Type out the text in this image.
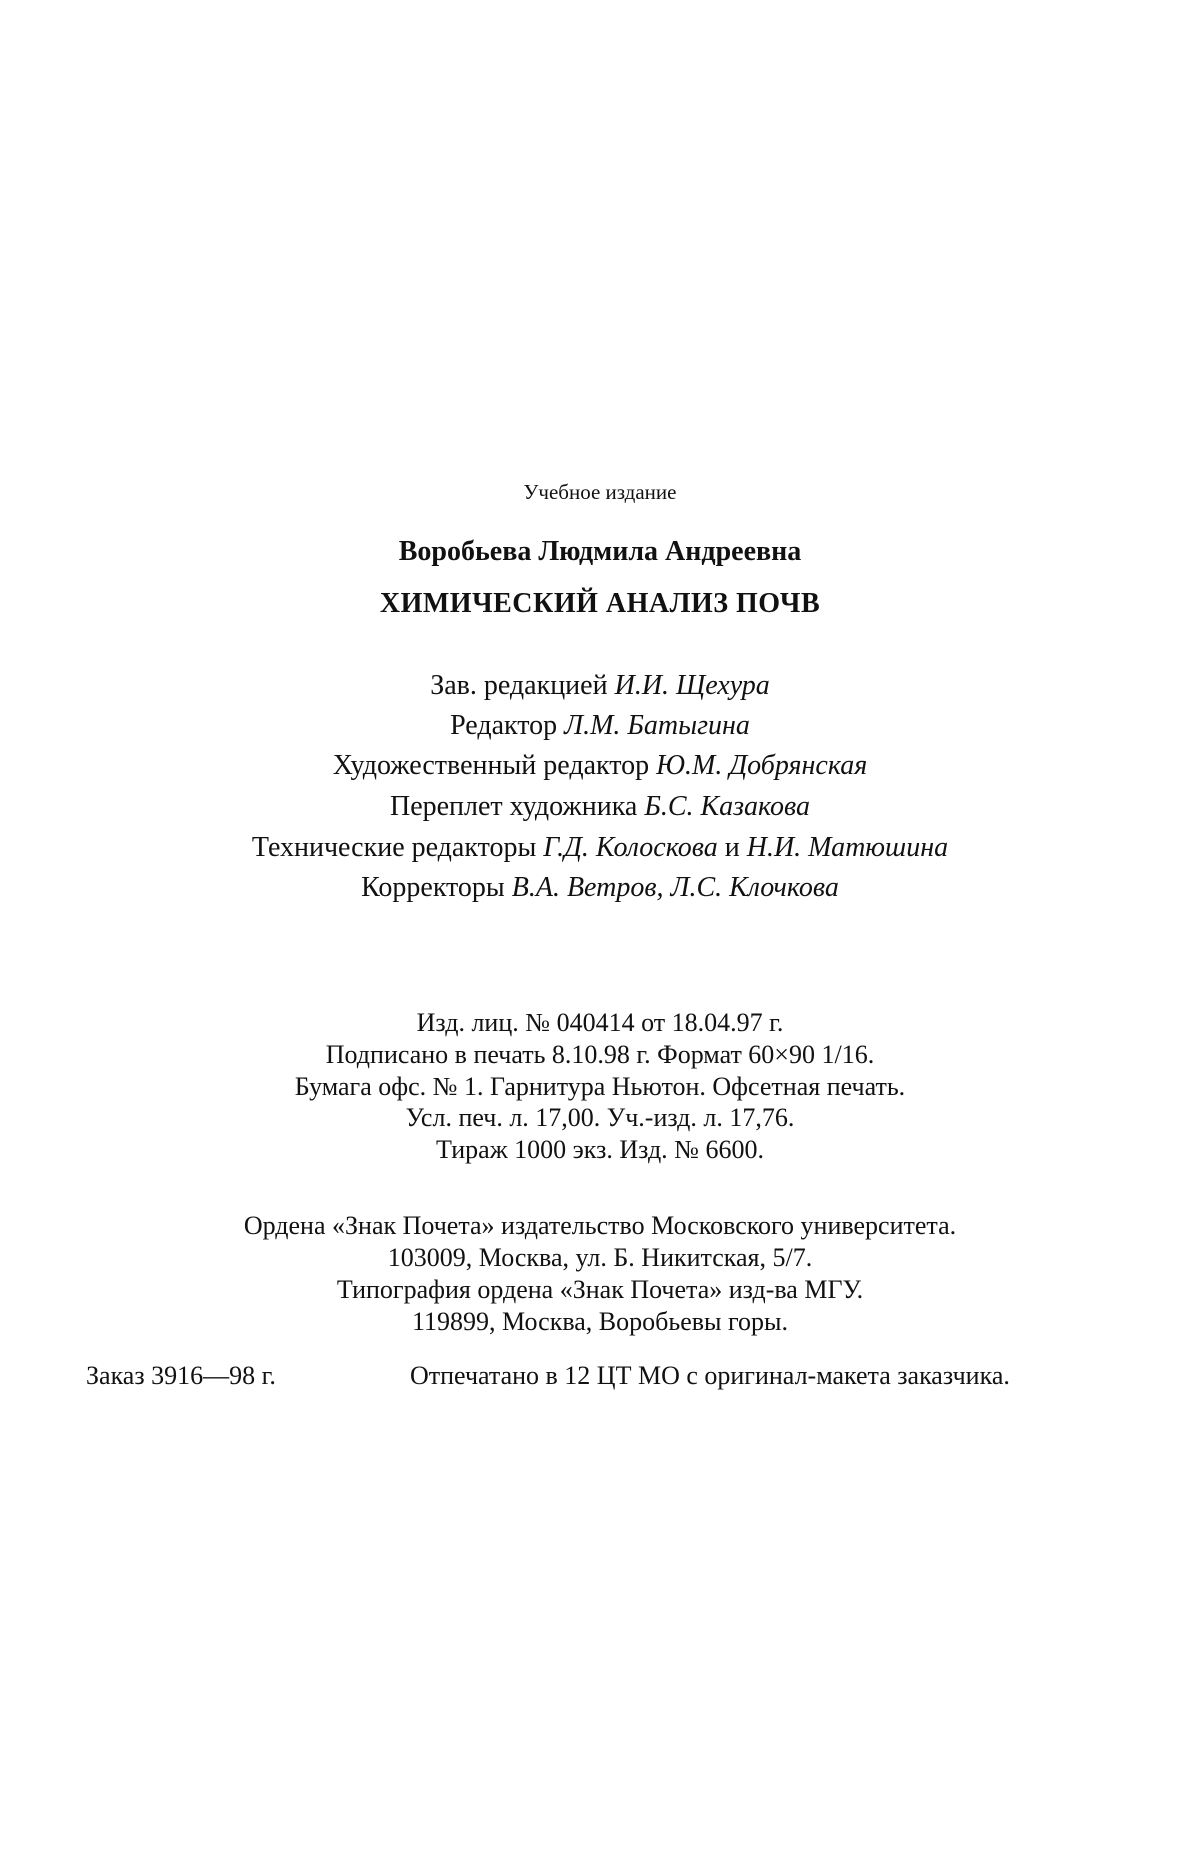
Учебное издание
Воробьева Людмила Андреевна
ХИМИЧЕСКИЙ АНАЛИЗ ПОЧВ
Зав. редакцией И.И. Щехура
Редактор Л.М. Батыгина
Художественный редактор Ю.М. Добрянская
Переплет художника Б.С. Казакова
Технические редакторы Г.Д. Колоскова и Н.И. Матюшина
Корректоры В.А. Ветров, Л.С. Клочкова
Изд. лиц. № 040414 от 18.04.97 г.
Подписано в печать 8.10.98 г. Формат 60×90 1/16.
Бумага офс. № 1. Гарнитура Ньютон. Офсетная печать.
Усл. печ. л. 17,00. Уч.-изд. л. 17,76.
Тираж 1000 экз. Изд. № 6600.
Ордена «Знак Почета» издательство Московского университета.
103009, Москва, ул. Б. Никитская, 5/7.
Типография ордена «Знак Почета» изд-ва МГУ.
119899, Москва, Воробьевы горы.
Заказ 3916—98 г.	Отпечатано в 12 ЦТ МО с оригинал-макета заказчика.
